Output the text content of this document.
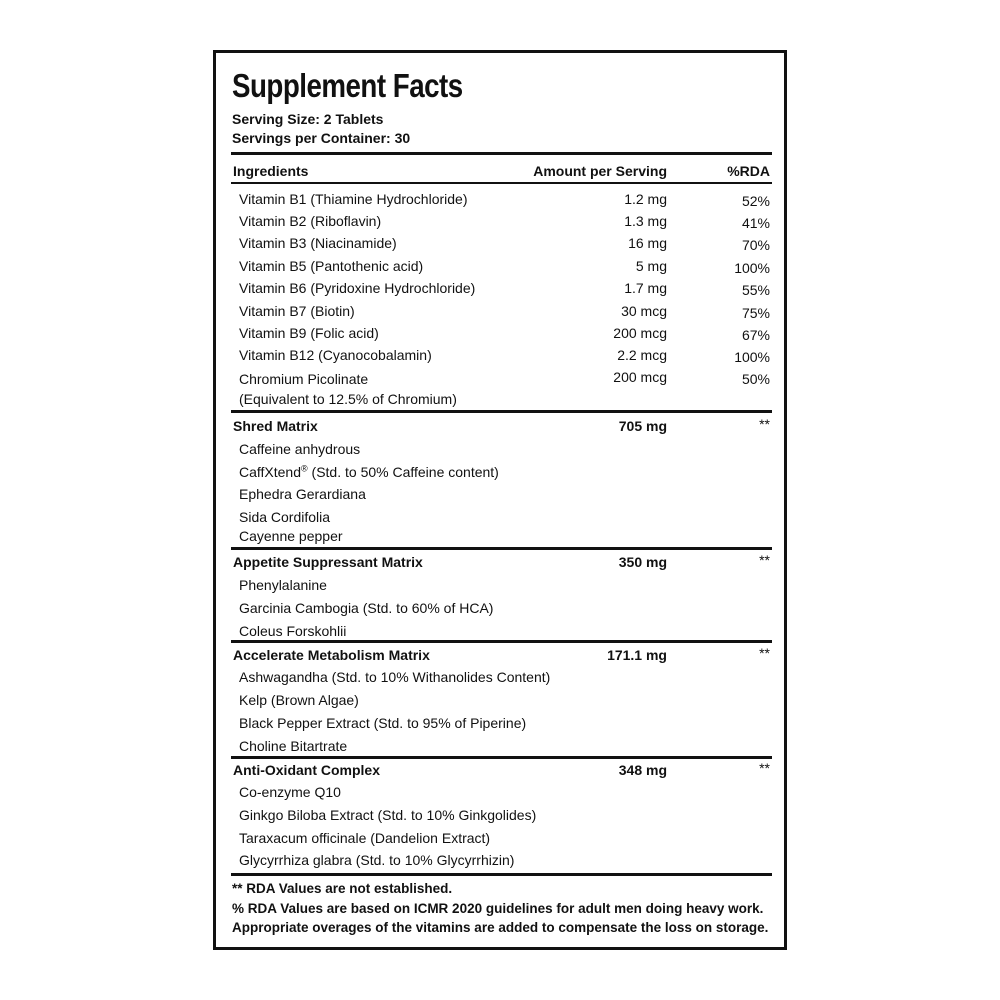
Supplement Facts
Serving Size: 2 Tablets
Servings per Container: 30
Ingredients	Amount per Serving	%RDA
Vitamin B1 (Thiamine Hydrochloride)	1.2 mg	52%
Vitamin B2 (Riboflavin)	1.3 mg	41%
Vitamin B3 (Niacinamide)	16 mg	70%
Vitamin B5 (Pantothenic acid)	5 mg	100%
Vitamin B6 (Pyridoxine Hydrochloride)	1.7 mg	55%
Vitamin B7 (Biotin)	30 mcg	75%
Vitamin B9 (Folic acid)	200 mcg	67%
Vitamin B12 (Cyanocobalamin)	2.2 mcg	100%
Chromium Picolinate
(Equivalent to 12.5% of Chromium)
200 mcg	50%
Shred Matrix	705 mg	**
Caffeine anhydrous
CaffXtend® (Std. to 50% Caffeine content)
Ephedra Gerardiana
Sida Cordifolia
Cayenne pepper
Appetite Suppressant Matrix	350 mg	**
Phenylalanine
Garcinia Cambogia (Std. to 60% of HCA)
Coleus Forskohlii
Accelerate Metabolism Matrix	171.1 mg	**
Ashwagandha (Std. to 10% Withanolides Content)
Kelp (Brown Algae)
Black Pepper Extract (Std. to 95% of Piperine)
Choline Bitartrate
Anti-Oxidant Complex	348 mg	**
Co-enzyme Q10
Ginkgo Biloba Extract (Std. to 10% Ginkgolides)
Taraxacum officinale (Dandelion Extract)
Glycyrrhiza glabra (Std. to 10% Glycyrrhizin)
** RDA Values are not established.
% RDA Values are based on ICMR 2020 guidelines for adult men doing heavy work.
Appropriate overages of the vitamins are added to compensate the loss on storage.
